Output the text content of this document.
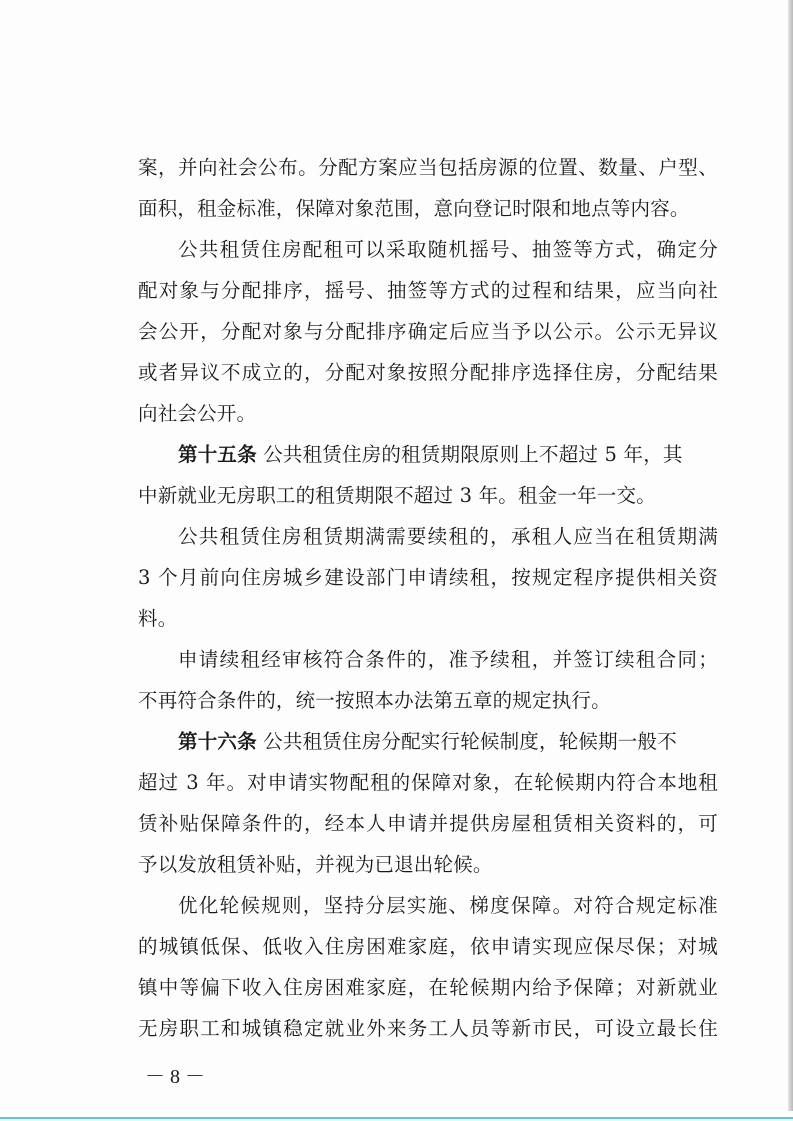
案，并向社会公布。分配方案应当包括房源的位置、数量、户型、
面积，租金标准，保障对象范围，意向登记时限和地点等内容。
公共租赁住房配租可以采取随机摇号、抽签等方式，确定分
配对象与分配排序，摇号、抽签等方式的过程和结果，应当向社
会公开，分配对象与分配排序确定后应当予以公示。公示无异议
或者异议不成立的，分配对象按照分配排序选择住房，分配结果
向社会公开。
第十五条 公共租赁住房的租赁期限原则上不超过 5 年，其
中新就业无房职工的租赁期限不超过 3 年。租金一年一交。
公共租赁住房租赁期满需要续租的，承租人应当在租赁期满
3 个月前向住房城乡建设部门申请续租，按规定程序提供相关资
料。
申请续租经审核符合条件的，准予续租，并签订续租合同；
不再符合条件的，统一按照本办法第五章的规定执行。
第十六条 公共租赁住房分配实行轮候制度，轮候期一般不
超过 3 年。对申请实物配租的保障对象，在轮候期内符合本地租
赁补贴保障条件的，经本人申请并提供房屋租赁相关资料的，可
予以发放租赁补贴，并视为已退出轮候。
优化轮候规则，坚持分层实施、梯度保障。对符合规定标准
的城镇低保、低收入住房困难家庭，依申请实现应保尽保；对城
镇中等偏下收入住房困难家庭，在轮候期内给予保障；对新就业
无房职工和城镇稳定就业外来务工人员等新市民，可设立最长住
－ 8 －
